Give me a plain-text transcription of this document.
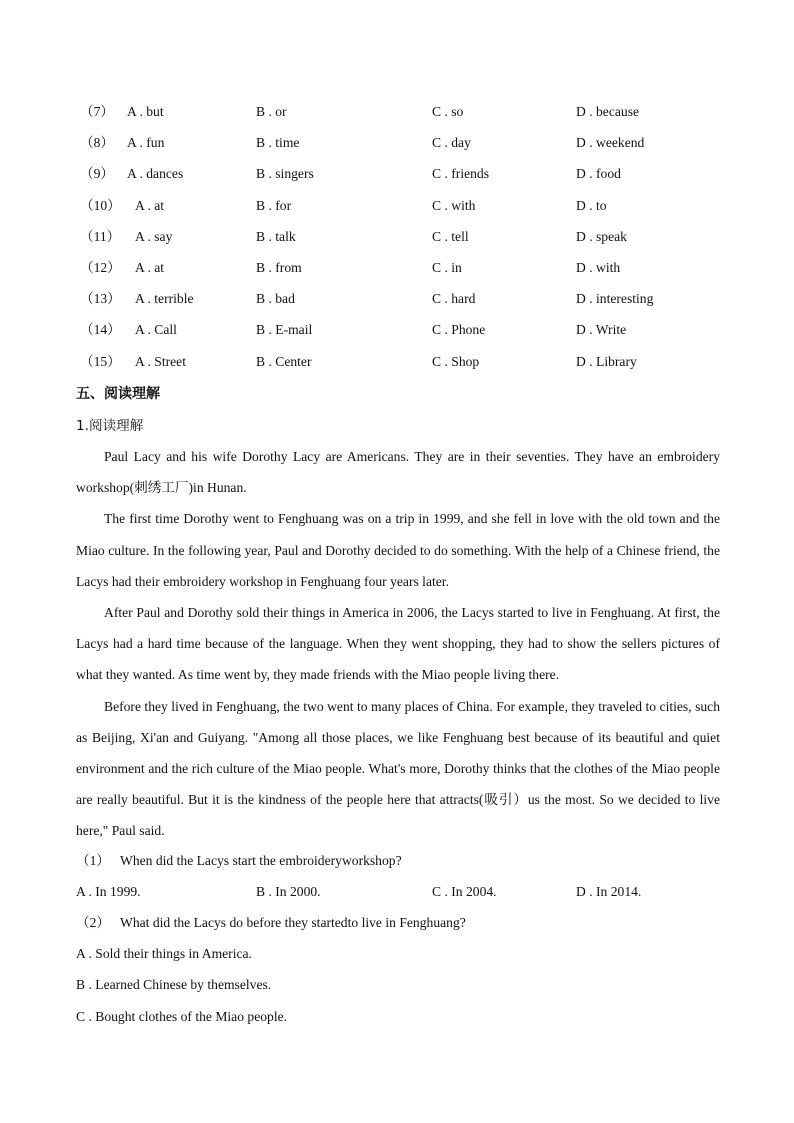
（7） A . but	B . or	C . so	D . because
（8） A . fun	B . time	C . day	D . weekend
（9） A . dances	B . singers	C . friends	D . food
（10） A . at	B . for	C . with	D . to
（11） A . say	B . talk	C . tell	D . speak
（12） A . at	B . from	C . in	D . with
（13） A . terrible	B . bad	C . hard	D . interesting
（14） A . Call	B . E-mail	C . Phone	D . Write
（15） A . Street	B . Center	C . Shop	D . Library
五、阅读理解
1.阅读理解

Paul Lacy and his wife Dorothy Lacy are Americans. They are in their seventies. They have an embroidery workshop(刺绣工厂)in Hunan.

The first time Dorothy went to Fenghuang was on a trip in 1999, and she fell in love with the old town and the Miao culture. In the following year, Paul and Dorothy decided to do something. With the help of a Chinese friend, the Lacys had their embroidery workshop in Fenghuang four years later.

After Paul and Dorothy sold their things in America in 2006, the Lacys started to live in Fenghuang. At first, the Lacys had a hard time because of the language. When they went shopping, they had to show the sellers pictures of what they wanted. As time went by, they made friends with the Miao people living there.

Before they lived in Fenghuang, the two went to many places of China. For example, they traveled to cities, such as Beijing, Xi'an and Guiyang. "Among all those places, we like Fenghuang best because of its beautiful and quiet environment and the rich culture of the Miao people. What's more, Dorothy thinks that the clothes of the Miao people are really beautiful. But it is the kindness of the people here that attracts(吸引）us the most. So we decided to live here," Paul said.

（1） When did the Lacys start the embroideryworkshop?
A . In 1999.	B . In 2000.	C . In 2004.	D . In 2014.
（2） What did the Lacys do before they startedto live in Fenghuang?
A . Sold their things in America.
B . Learned Chinese by themselves.
C . Bought clothes of the Miao people.
